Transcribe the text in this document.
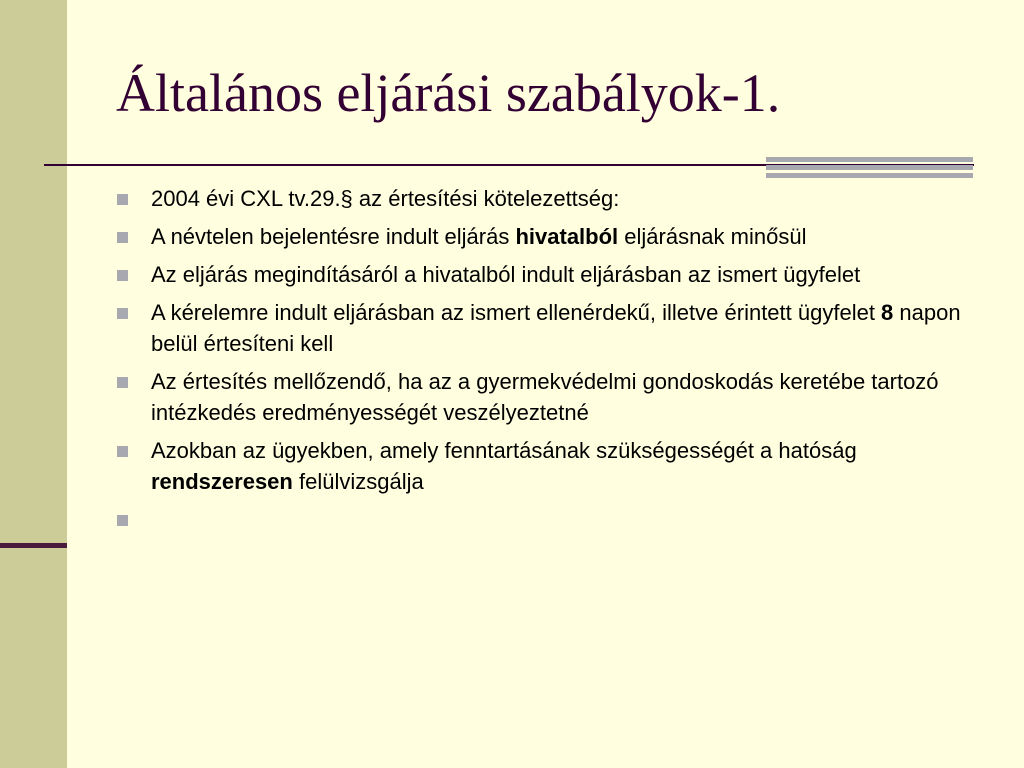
Általános eljárási szabályok-1.
2004 évi CXL tv.29.§ az értesítési kötelezettség:
A névtelen bejelentésre indult eljárás hivatalból eljárásnak minősül
Az eljárás megindításáról a hivatalból indult eljárásban az ismert ügyfelet
A kérelemre indult eljárásban az ismert ellenérdekű, illetve érintett ügyfelet 8 napon belül értesíteni kell
Az értesítés mellőzendő, ha az a gyermekvédelmi gondoskodás keretébe tartozó intézkedés eredményességét veszélyeztetné
Azokban az ügyekben, amely fenntartásának szükségességét a hatóság rendszeresen felülvizsgálja
